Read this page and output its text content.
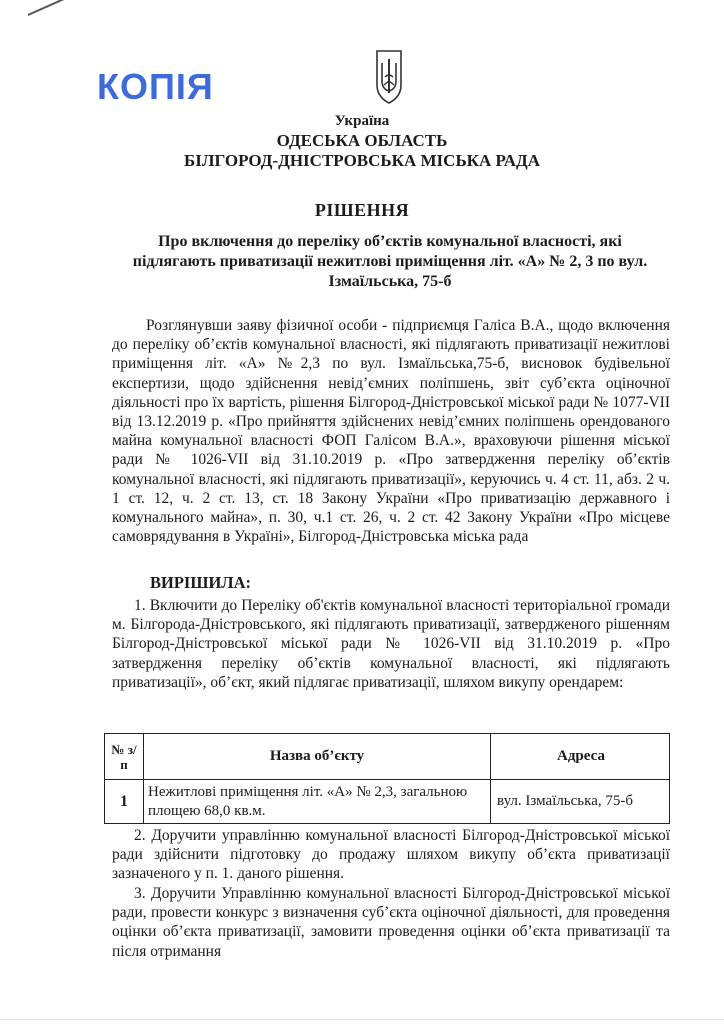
КОПІЯ
Україна
ОДЕСЬКА ОБЛАСТЬ
БІЛГОРОД-ДНІСТРОВСЬКА МІСЬКА РАДА
РІШЕННЯ
Про включення до переліку об’єктів комунальної власності, які підлягають приватизації нежитлові приміщення літ. «А» № 2, 3 по вул. Ізмаїльська, 75-б

Розглянувши заяву фізичної особи - підприємця Галіса В.А., щодо включення до переліку об’єктів комунальної власності, які підлягають приватизації нежитлові приміщення літ. «А» №2,3 по вул. Ізмаїльська,75-б, висновок будівельної експертизи, щодо здійснення невід’ємних поліпшень, звіт суб’єкта оціночної діяльності про їх вартість, рішення Білгород-Дністровської міської ради № 1077-VII від 13.12.2019 р. «Про прийняття здійснених невід’ємних поліпшень орендованого майна комунальної власності ФОП Галісом В.А.», враховуючи рішення міської ради № 1026-VII від 31.10.2019 р. «Про затвердження переліку об’єктів комунальної власності, які підлягають приватизації», керуючись ч. 4 ст. 11, абз. 2 ч. 1 ст. 12, ч. 2 ст. 13, ст. 18 Закону України «Про приватизацію державного і комунального майна», п. 30, ч.1 ст. 26, ч. 2 ст. 42 Закону України «Про місцеве самоврядування в Україні», Білгород-Дністровська міська рада

ВИРІШИЛА:

1. Включити до Переліку об'єктів комунальної власності територіальної громади м. Білгорода-Дністровського, які підлягають приватизації, затвердженого рішенням Білгород-Дністровської міської ради № 1026-VII від 31.10.2019 р. «Про затвердження переліку об’єктів комунальної власності, які підлягають приватизації», об’єкт, який підлягає приватизації, шляхом викупу орендарем:

№ з/п	Назва об’єкту	Адреса
1	Нежитлові приміщення літ. «А» № 2,3, загальною площею 68,0 кв.м.	вул. Ізмаїльська, 75-б

2. Доручити управлінню комунальної власності Білгород-Дністровської міської ради здійснити підготовку до продажу шляхом викупу об’єкта приватизації зазначеного у п. 1. даного рішення.

3. Доручити Управлінню комунальної власності Білгород-Дністровської міської ради, провести конкурс з визначення суб’єкта оціночної діяльності, для проведення оцінки об’єкта приватизації, замовити проведення оцінки об’єкта приватизації та після отримання
